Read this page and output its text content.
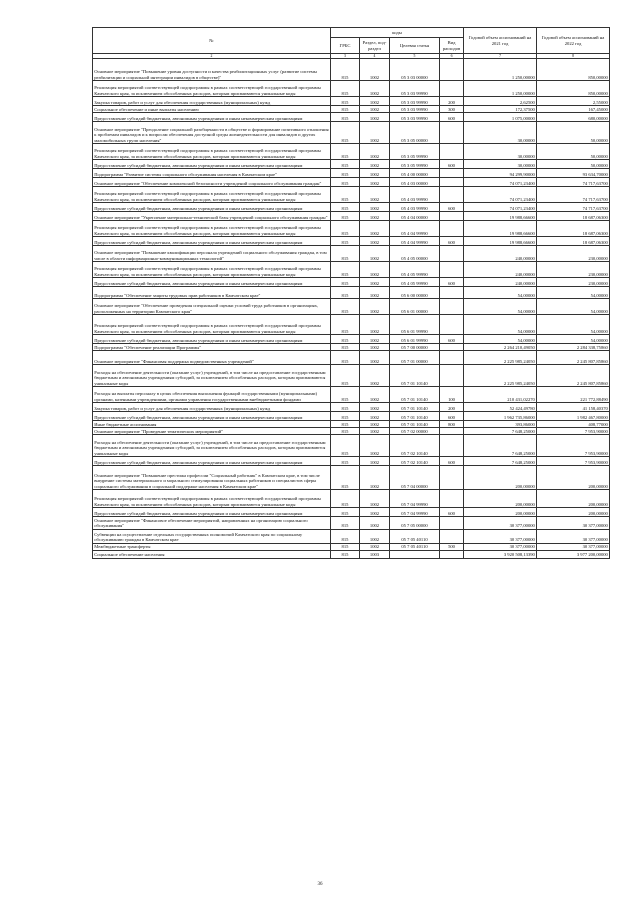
№	коды				Годовой объем ассигнований на 2021 год	Годовой объем ассигнований на 2022 год
	ГРБС	Раздел, под-раздел	Целевая статья	Вид расходов		
2	3	4	5	6	7	8
Основное мероприятие "Повышение уровня доступности и качества реабилитационных услуг (развитие системы реабилитации и социальной интеграции инвалидов в обществе)"	815	1002	05 3 03 00000		1 250,00000	850,00000
Реализация мероприятий соответствующей подпрограммы в рамках соответствующей государственной программы Камчатского края, за исключением обособленных расходов, которым присваиваются уникальные коды	815	1002	05 3 03 99990		1 250,00000	850,00000
Закупка товаров, работ и услуг для обеспечения государственных (муниципальных) нужд	815	1002	05 3 03 99990	200	2,62500	2,55000
Социальное обеспечение и иные выплаты населению	815	1002	05 3 03 99990	300	172,37500	167,45000
Предоставление субсидий бюджетным, автономным учреждениям и иным некоммерческим организациям	815	1002	05 3 03 99990	600	1 075,00000	680,00000
Основное мероприятие "Преодоление социальной разобщенности в обществе и формирование позитивного отношения к проблемам инвалидов и к вопросам обеспечения доступной среды жизнедеятельности для инвалидов и других маломобильных групп населения"	815	1002	05 3 05 00000		30,00000	50,00000
Реализация мероприятий соответствующей подпрограммы в рамках соответствующей государственной программы Камчатского края, за исключением обособленных расходов, которым присваиваются уникальные коды	815	1002	05 3 05 99990		30,00000	50,00000
Предоставление субсидий бюджетным, автономным учреждениям и иным некоммерческим организациям	815	1002	05 3 05 99990	600	30,00000	50,00000
Подпрограмма "Развитие системы социального обслуживания населения в Камчатском крае"	815	1002	05 4 00 00000		94 299,90000	93 634,70000
Основное мероприятие "Обеспечение комплексной безопасности учреждений социального обслуживания граждан"	815	1002	05 4 03 00000		74 071,23400	74 717,63700
Реализация мероприятий соответствующей подпрограммы в рамках соответствующей государственной программы Камчатского края, за исключением обособленных расходов, которым присваиваются уникальные коды	815	1002	05 4 03 99990		74 071,23400	74 717,63700
Предоставление субсидий бюджетным, автономным учреждениям и иным некоммерческим организациям	815	1002	05 4 03 99990	600	74 071,23400	74 717,63700
Основное мероприятие "Укрепление материально-технической базы учреждений социального обслуживания граждан"	815	1002	05 4 04 00000		19 988,66600	18 687,06300
Реализация мероприятий соответствующей подпрограммы в рамках соответствующей государственной программы Камчатского края, за исключением обособленных расходов, которым присваиваются уникальные коды	815	1002	05 4 04 99990		19 988,66600	18 687,06300
Предоставление субсидий бюджетным, автономным учреждениям и иным некоммерческим организациям	815	1002	05 4 04 99990	600	19 988,66600	18 687,06300
Основное мероприятие "Повышение квалификации персонала учреждений социального обслуживания граждан, в том числе в области информационно-коммуникационных технологий"	815	1002	05 4 05 00000		240,00000	230,00000
Реализация мероприятий соответствующей подпрограммы в рамках соответствующей государственной программы Камчатского края, за исключением обособленных расходов, которым присваиваются уникальные коды	815	1002	05 4 05 99990		240,00000	230,00000
Предоставление субсидий бюджетным, автономным учреждениям и иным некоммерческим организациям	815	1002	05 4 05 99990	600	240,00000	230,00000
Подпрограмма "Обеспечение защиты трудовых прав работников в Камчатском крае"	815	1002	05 6 00 00000		54,00000	54,00000
Основное мероприятие "Обеспечение проведения специальной оценки условий труда работников в организациях, расположенных на территории Камчатского края"	815	1002	05 6 01 00000		54,00000	54,00000
Реализация мероприятий соответствующей подпрограммы в рамках соответствующей государственной программы Камчатского края, за исключением обособленных расходов, которым присваиваются уникальные коды	815	1002	05 6 01 99990		54,00000	54,00000
Предоставление субсидий бюджетным, автономным учреждениям и иным некоммерческим организациям	815	1002	05 6 01 99990	600	54,00000	54,00000
Подпрограмма "Обеспечение реализации Программы"	815	1002	05 7 00 00000		2 264 210,49050	2 284 338,75860
Основное мероприятие "Финансовая поддержка подведомственных учреждений"	815	1002	05 7 01 00000		2 225 985,24050	2 245 807,85860
Расходы на обеспечение деятельности (оказание услуг) учреждений, в том числе на предоставление государственным бюджетным и автономным учреждениям субсидий, за исключением обособленных расходов, которым присваиваются уникальные коды	815	1002	05 7 01 10140		2 225 985,24050	2 245 807,85860
Расходы на выплаты персоналу в целях обеспечения выполнения функций государственными (муниципальными) органами, казенными учреждениями, органами управления государственными внебюджетными фондами	815	1002	05 7 01 10140	100	210 431,02270	221 772,88490
Закупка товаров, работ и услуг для обеспечения государственных (муниципальных) нужд	815	1002	05 7 01 10140	200	52 424,49780	41 158,40370
Предоставление субсидий бюджетным, автономным учреждениям и иным некоммерческим организациям	815	1002	05 7 01 10140	600	1 962 735,86000	1 982 467,80000
Иные бюджетные ассигнования	815	1002	05 7 01 10140	800	393,86000	408,77000
Основное мероприятие "Проведение тематических мероприятий"	815	1002	05 7 02 00000		7 648,25000	7 953,90000
Расходы на обеспечение деятельности (оказание услуг) учреждений, в том числе на предоставление государственным бюджетным и автономным учреждениям субсидий, за исключением обособленных расходов, которым присваиваются уникальные коды	815	1002	05 7 02 10140		7 648,25000	7 953,90000
Предоставление субсидий бюджетным, автономным учреждениям и иным некоммерческим организациям	815	1002	05 7 02 10140	600	7 648,25000	7 953,90000
Основное мероприятие "Повышение престижа профессии "Социальный работник" в Камчатском крае, в том числе внедрение системы материального и морального стимулирования социальных работников и специалистов сферы социального обслуживания в социальной поддержке населения в Камчатском крае"	815	1002	05 7 04 00000		200,00000	200,00000
Реализация мероприятий соответствующей подпрограммы в рамках соответствующей государственной программы Камчатского края, за исключением обособленных расходов, которым присваиваются уникальные коды	815	1002	05 7 04 99990		200,00000	200,00000
Предоставление субсидий бюджетным, автономным учреждениям и иным некоммерческим организациям	815	1002	05 7 04 99990	600	200,00000	200,00000
Основное мероприятие "Финансовое обеспечение мероприятий, направленных на организацию социального обслуживания"	815	1002	05 7 05 00000		30 377,00000	30 377,00000
Субвенции на осуществление отдельных государственных полномочий Камчатского края по социальному обслуживанию граждан в Камчатском крае	815	1002	05 7 05 40110		30 377,00000	30 377,00000
Межбюджетные трансферты	815	1002	05 7 05 40110	500	30 377,00000	30 377,00000
Социальное обеспечение населения	815	1003			3 920 508,13390	3 977 200,00000
36
